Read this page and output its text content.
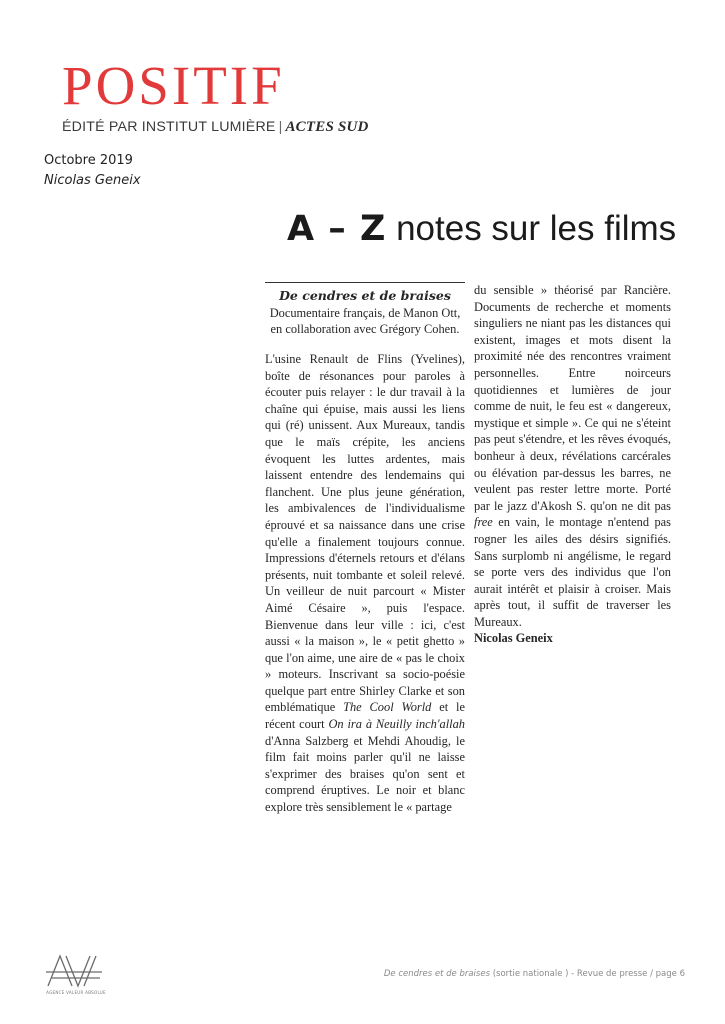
POSITIF
ÉDITÉ PAR INSTITUT LUMIÈRE | ACTES SUD
Octobre 2019
Nicolas Geneix
A – Z notes sur les films
De cendres et de braises
Documentaire français, de Manon Ott,
en collaboration avec Grégory Cohen.

L'usine Renault de Flins (Yvelines), boîte de résonances pour paroles à écouter puis relayer : le dur travail à la chaîne qui épuise, mais aussi les liens qui (ré) unissent. Aux Mureaux, tandis que le maïs crépite, les anciens évoquent les luttes ardentes, mais laissent entendre des lendemains qui flanchent. Une plus jeune génération, les ambivalences de l'individualisme éprouvé et sa naissance dans une crise qu'elle a finalement toujours connue. Impressions d'éternels retours et d'élans présents, nuit tombante et soleil relevé. Un veilleur de nuit parcourt « Mister Aimé Césaire », puis l'espace. Bienvenue dans leur ville : ici, c'est aussi « la maison », le « petit ghetto » que l'on aime, une aire de « pas le choix » moteurs. Inscrivant sa socio-poésie quelque part entre Shirley Clarke et son emblématique The Cool World et le récent court On ira à Neuilly inch'allah d'Anna Salzberg et Mehdi Ahoudig, le film fait moins parler qu'il ne laisse s'exprimer des braises qu'on sent et comprend éruptives. Le noir et blanc explore très sensiblement le « partage

du sensible » théorisé par Rancière. Documents de recherche et moments singuliers ne niant pas les distances qui existent, images et mots disent la proximité née des rencontres vraiment personnelles. Entre noirceurs quotidiennes et lumières de jour comme de nuit, le feu est « dangereux, mystique et simple ». Ce qui ne s'éteint pas peut s'étendre, et les rêves évoqués, bonheur à deux, révélations carcérales ou élévation par-dessus les barres, ne veulent pas rester lettre morte. Porté par le jazz d'Akosh S. qu'on ne dit pas free en vain, le montage n'entend pas rogner les ailes des désirs signifiés. Sans surplomb ni angélisme, le regard se porte vers des individus que l'on aurait intérêt et plaisir à croiser. Mais après tout, il suffit de traverser les Mureaux.

Nicolas Geneix
AGENCE VALEUR ABSOLUE
De cendres et de braises (sortie nationale ) - Revue de presse / page 6
